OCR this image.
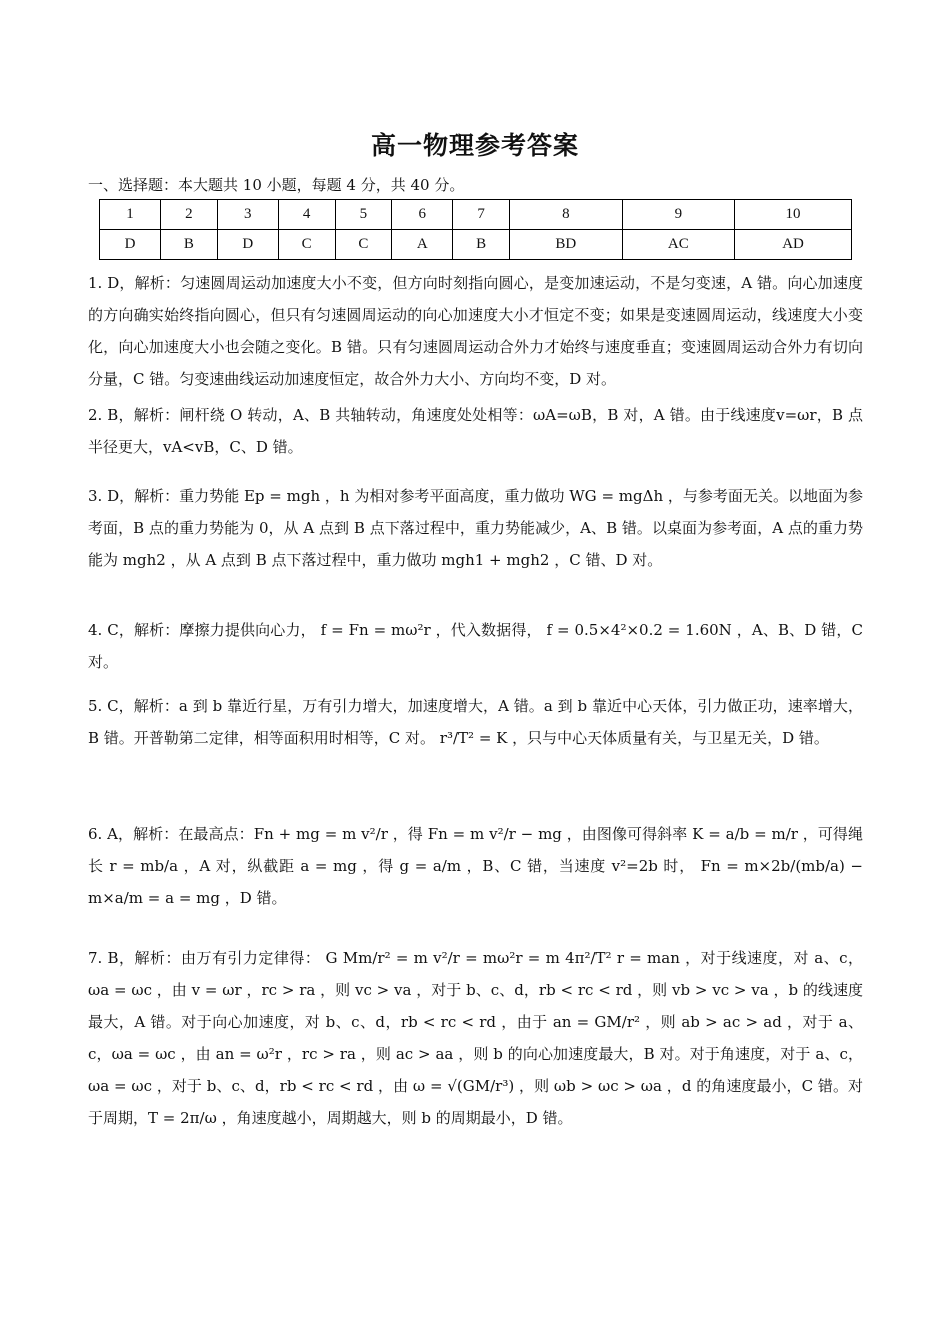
高一物理参考答案
一、选择题：本大题共 10 小题，每题 4 分，共 40 分。
1	2	3	4	5	6	7	8	9	10
D	B	D	C	C	A	B	BD	AC	AD

1. D，解析：匀速圆周运动加速度大小不变，但方向时刻指向圆心，是变加速运动，不是匀变速，A 错。向心加速度的方向确实始终指向圆心，但只有匀速圆周运动的向心加速度大小才恒定不变；如果是变速圆周运动，线速度大小变化，向心加速度大小也会随之变化。B 错。只有匀速圆周运动合外力才始终与速度垂直；变速圆周运动合外力有切向分量，C 错。匀变速曲线运动加速度恒定，故合外力大小、方向均不变，D 对。

2. B，解析：闸杆绕 O 转动，A、B 共轴转动，角速度处处相等：ωA=ωB，B 对，A 错。由于线速度v=ωr，B 点半径更大，vA<vB，C、D 错。

3. D，解析：重力势能 Ep = mgh ，h 为相对参考平面高度，重力做功 WG = mgΔh ，与参考面无关。以地面为参考面，B 点的重力势能为 0，从 A 点到 B 点下落过程中，重力势能减少，A、B 错。以桌面为参考面，A 点的重力势能为 mgh2 ，从 A 点到 B 点下落过程中，重力做功 mgh1 + mgh2 ，C 错、D 对。

4. C，解析：摩擦力提供向心力， f = Fn = mω²r ，代入数据得， f = 0.5×4²×0.2 = 1.60N ，A、B、D 错，C 对。

5. C，解析：a 到 b 靠近行星，万有引力增大，加速度增大，A 错。a 到 b 靠近中心天体，引力做正功，速率增大，B 错。开普勒第二定律，相等面积用时相等，C 对。 r³/T² = K ，只与中心天体质量有关，与卫星无关，D 错。

6. A，解析：在最高点：Fn + mg = m v²/r ，得 Fn = m v²/r − mg ，由图像可得斜率 K = a/b = m/r ，可得绳长 r = mb/a ，A 对，纵截距 a = mg ，得 g = a/m ，B、C 错，当速度 v²=2b 时， Fn = m×2b/(mb/a) − m×a/m = a = mg ，D 错。

7. B，解析：由万有引力定律得： G Mm/r² = m v²/r = mω²r = m 4π²/T² r = man ，对于线速度，对 a、c，ωa = ωc ，由 v = ωr ，rc > ra ，则 vc > va ，对于 b、c、d，rb < rc < rd ，则 vb > vc > va ，b 的线速度最大，A 错。对于向心加速度，对 b、c、d，rb < rc < rd ，由于 an = GM/r² ，则 ab > ac > ad ，对于 a、c，ωa = ωc ，由 an = ω²r ，rc > ra ，则 ac > aa ，则 b 的向心加速度最大，B 对。对于角速度，对于 a、c，ωa = ωc ，对于 b、c、d，rb < rc < rd ，由 ω = √(GM/r³) ，则 ωb > ωc > ωa ，d 的角速度最小，C 错。对于周期，T = 2π/ω ，角速度越小，周期越大，则 b 的周期最小，D 错。
